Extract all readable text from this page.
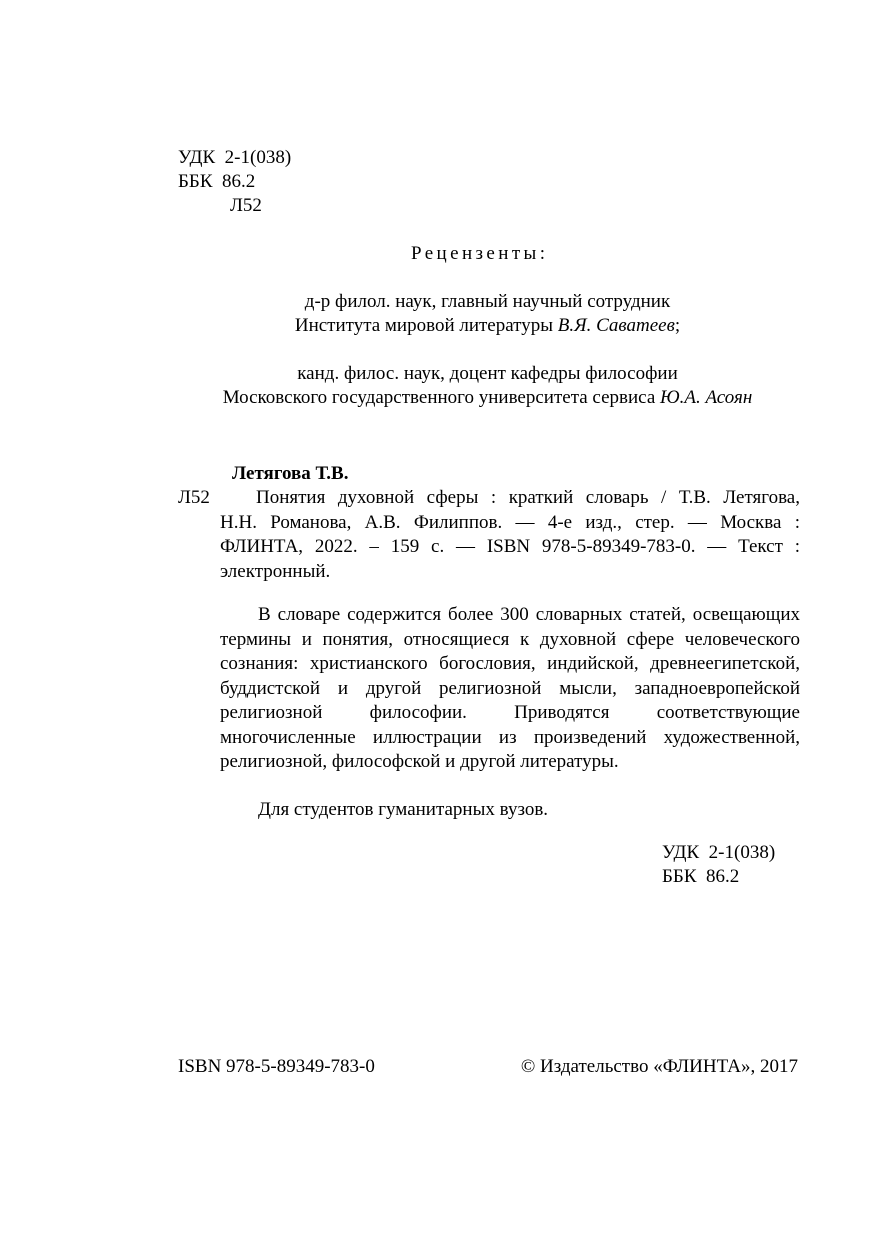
УДК 2-1(038)
ББК 86.2
Л52
Рецензенты:
д-р филол. наук, главный научный сотрудник
Института мировой литературы В.Я. Саватеев;
канд. филос. наук, доцент кафедры философии
Московского государственного университета сервиса Ю.А. Асоян
Летягова Т.В.
Л52 Понятия духовной сферы : краткий словарь / Т.В. Летягова,
Н.Н. Романова, А.В. Филиппов. — 4-е изд., стер. — Москва : ФЛИНТА, 2022. – 159 с. — ISBN 978-5-89349-783-0. — Текст : электронный.
В словаре содержится более 300 словарных статей, освещающих термины и понятия, относящиеся к духовной сфере человеческого сознания: христианского богословия, индийской, древнеегипетской, буддистской и другой религиозной мысли, западноевропейской религиозной философии. Приводятся соответствующие многочисленные иллюстрации из произведений художественной, религиозной, философской и другой литературы.
Для студентов гуманитарных вузов.
УДК 2-1(038)
ББК 86.2
ISBN 978-5-89349-783-0	© Издательство «ФЛИНТА», 2017
